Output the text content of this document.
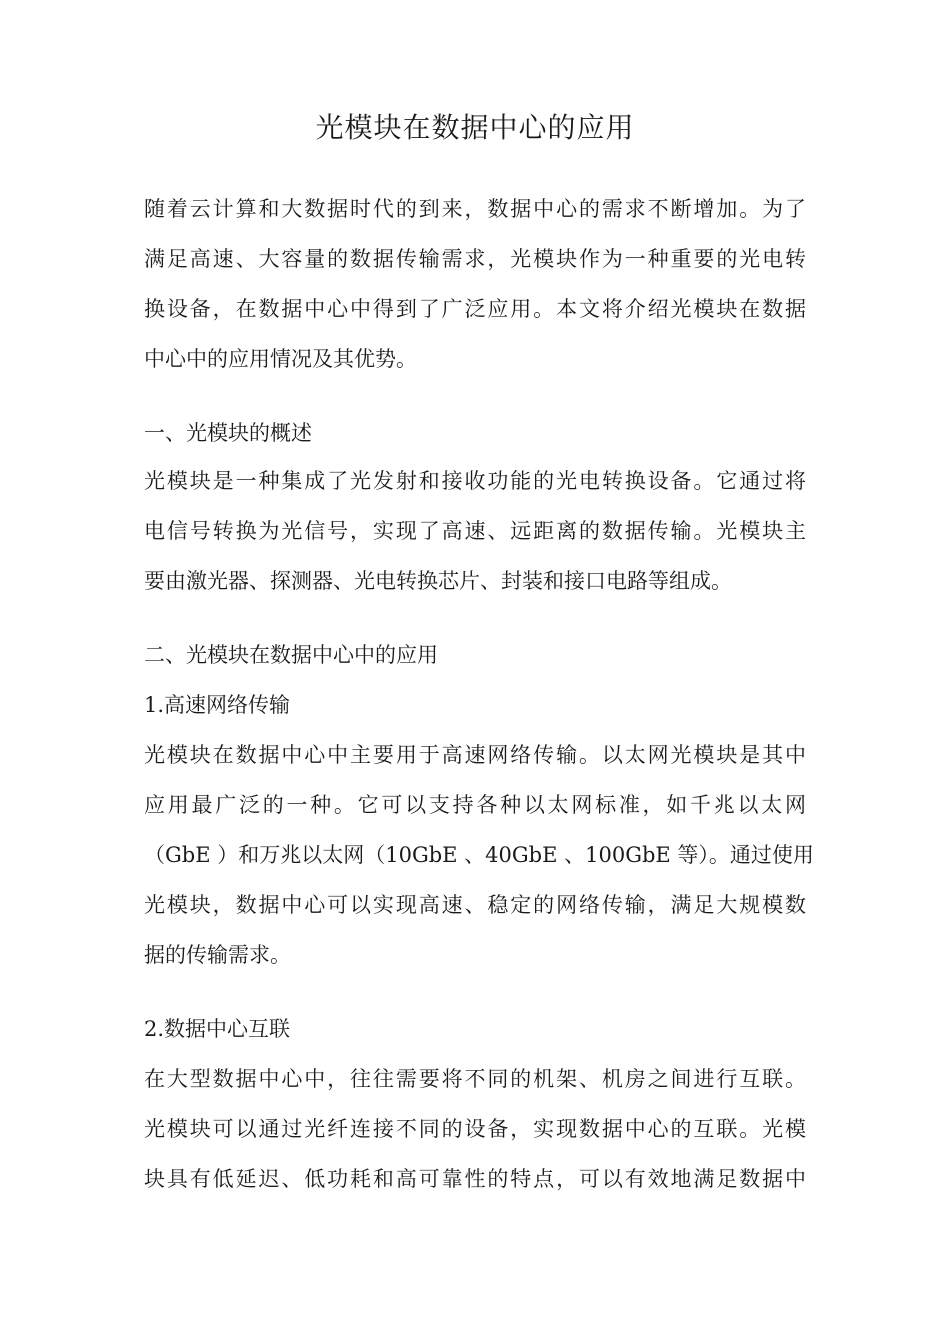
光模块在数据中心的应用
随着云计算和大数据时代的到来，数据中心的需求不断增加。为了
满足高速、大容量的数据传输需求，光模块作为一种重要的光电转
换设备，在数据中心中得到了广泛应用。本文将介绍光模块在数据
中心中的应用情况及其优势。
一、光模块的概述
光模块是一种集成了光发射和接收功能的光电转换设备。它通过将
电信号转换为光信号，实现了高速、远距离的数据传输。光模块主
要由激光器、探测器、光电转换芯片、封装和接口电路等组成。
二、光模块在数据中心中的应用
1.高速网络传输
光模块在数据中心中主要用于高速网络传输。以太网光模块是其中
应用最广泛的一种。它可以支持各种以太网标准，如千兆以太网
（GbE ）和万兆以太网（10GbE 、40GbE 、100GbE 等）。通过使用
光模块，数据中心可以实现高速、稳定的网络传输，满足大规模数
据的传输需求。
2.数据中心互联
在大型数据中心中，往往需要将不同的机架、机房之间进行互联。
光模块可以通过光纤连接不同的设备，实现数据中心的互联。光模
块具有低延迟、低功耗和高可靠性的特点，可以有效地满足数据中
